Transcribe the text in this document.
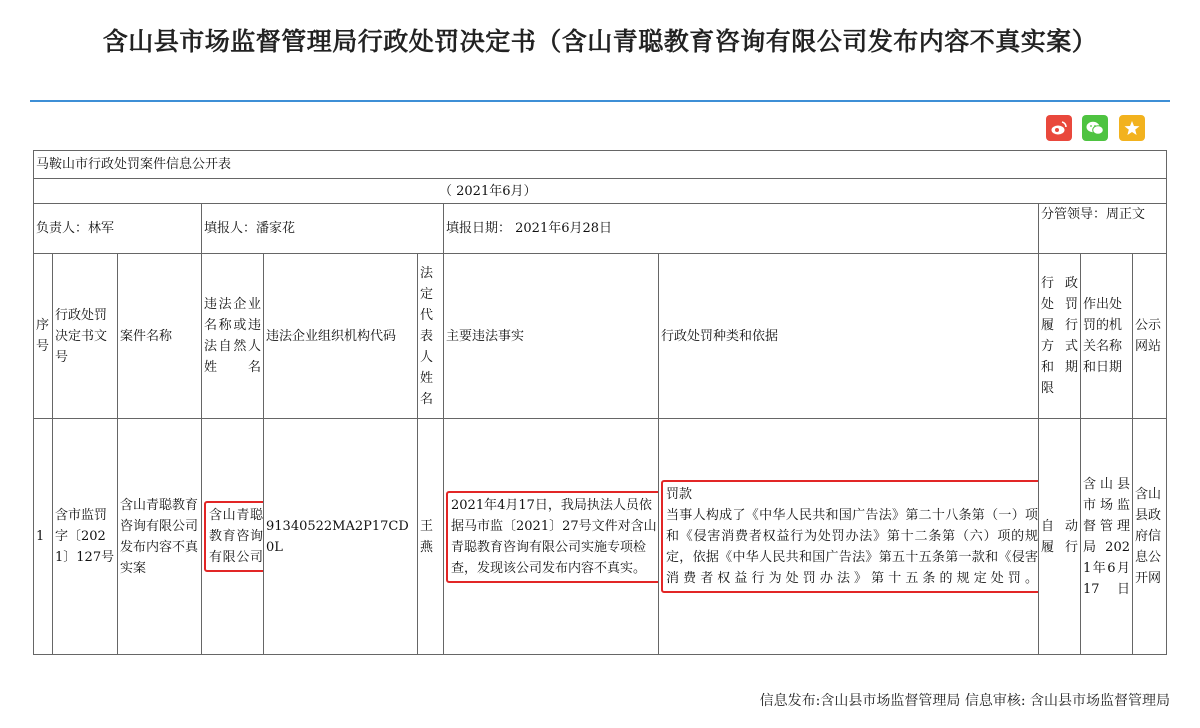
含山县市场监督管理局行政处罚决定书（含山青聪教育咨询有限公司发布内容不真实案）
马鞍山市行政处罚案件信息公开表										
（ 2021年6月）										
负责人：林军			填报人：潘家花			填报日期： 2021年6月28日		分管领导：周正文		
序号	行政处罚决定书文号	案件名称	违法企业名称或违法自然人姓名	违法企业组织机构代码	法定代表人姓名	主要违法事实	行政处罚种类和依据	行政处罚履行方式和期限	作出处罚的机关名称和日期	公示网站
1	含市监罚字〔2021〕127号	含山青聪教育咨询有限公司发布内容不真实案	含山青聪教育咨询有限公司	91340522MA2P17CD0L	王燕	2021年4月17日，我局执法人员依据马市监〔2021〕27号文件对含山青聪教育咨询有限公司实施专项检查，发现该公司发布内容不真实。	罚款
当事人构成了《中华人民共和国广告法》第二十八条第（一）项和《侵害消费者权益行为处罚办法》第十二条第（六）项的规定，依据《中华人民共和国广告法》第五十五条第一款和《侵害消费者权益行为处罚办法》第十五条的规定处罚。	自动履行	含山县市场监督管理局 2021年6月17日	含山县政府信息公开网
信息发布:含山县市场监督管理局 信息审核: 含山县市场监督管理局
